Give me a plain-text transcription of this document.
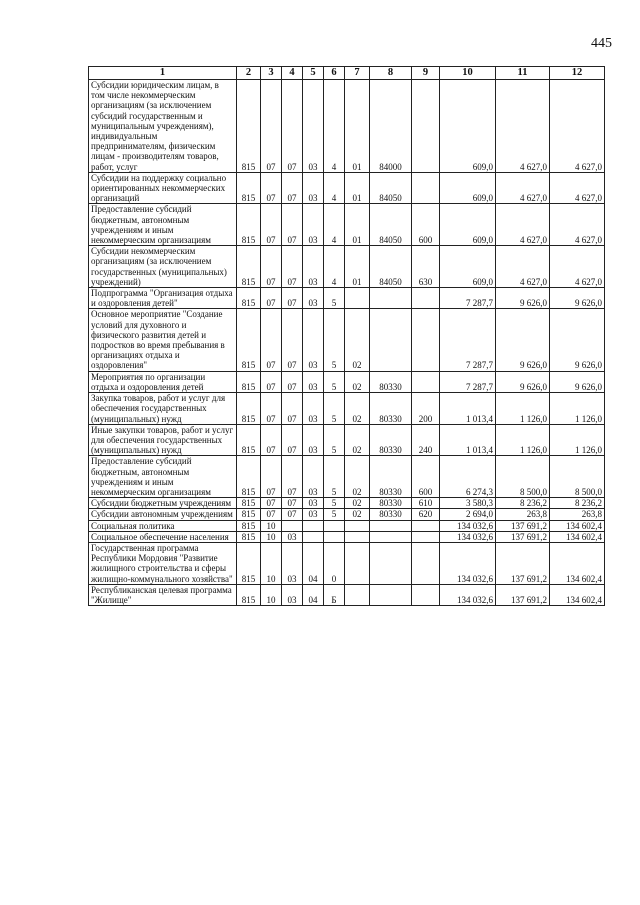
445
1	2	3	4	5	6	7	8	9	10	11	12
Субсидии юридическим лицам, в том числе некоммерческим организациям (за исключением субсидий государственным и муниципальным учреждениям), индивидуальным предпринимателям, физическим лицам - производителям товаров, работ, услуг	815	07	07	03	4	01	84000		609,0	4 627,0	4 627,0
Субсидии на поддержку социально ориентированных некоммерческих организаций	815	07	07	03	4	01	84050		609,0	4 627,0	4 627,0
Предоставление субсидий бюджетным, автономным учреждениям и иным некоммерческим организациям	815	07	07	03	4	01	84050	600	609,0	4 627,0	4 627,0
Субсидии некоммерческим организациям (за исключением государственных (муниципальных) учреждений)	815	07	07	03	4	01	84050	630	609,0	4 627,0	4 627,0
Подпрограмма "Организация отдыха и оздоровления детей"	815	07	07	03	5				7 287,7	9 626,0	9 626,0
Основное мероприятие "Создание условий для духовного и физического развития детей и подростков во время пребывания в организациях отдыха и оздоровления"	815	07	07	03	5	02			7 287,7	9 626,0	9 626,0
Мероприятия по организации отдыха и оздоровления детей	815	07	07	03	5	02	80330		7 287,7	9 626,0	9 626,0
Закупка товаров, работ и услуг для обеспечения государственных (муниципальных) нужд	815	07	07	03	5	02	80330	200	1 013,4	1 126,0	1 126,0
Иные закупки товаров, работ и услуг для обеспечения государственных (муниципальных) нужд	815	07	07	03	5	02	80330	240	1 013,4	1 126,0	1 126,0
Предоставление субсидий бюджетным, автономным учреждениям и иным некоммерческим организациям	815	07	07	03	5	02	80330	600	6 274,3	8 500,0	8 500,0
Субсидии бюджетным учреждениям	815	07	07	03	5	02	80330	610	3 580,3	8 236,2	8 236,2
Субсидии автономным учреждениям	815	07	07	03	5	02	80330	620	2 694,0	263,8	263,8
Социальная политика	815	10							134 032,6	137 691,2	134 602,4
Социальное обеспечение населения	815	10	03						134 032,6	137 691,2	134 602,4
Государственная программа Республики Мордовия "Развитие жилищного строительства и сферы жилищно-коммунального хозяйства"	815	10	03	04	0				134 032,6	137 691,2	134 602,4
Республиканская целевая программа "Жилище"	815	10	03	04	Б				134 032,6	137 691,2	134 602,4
